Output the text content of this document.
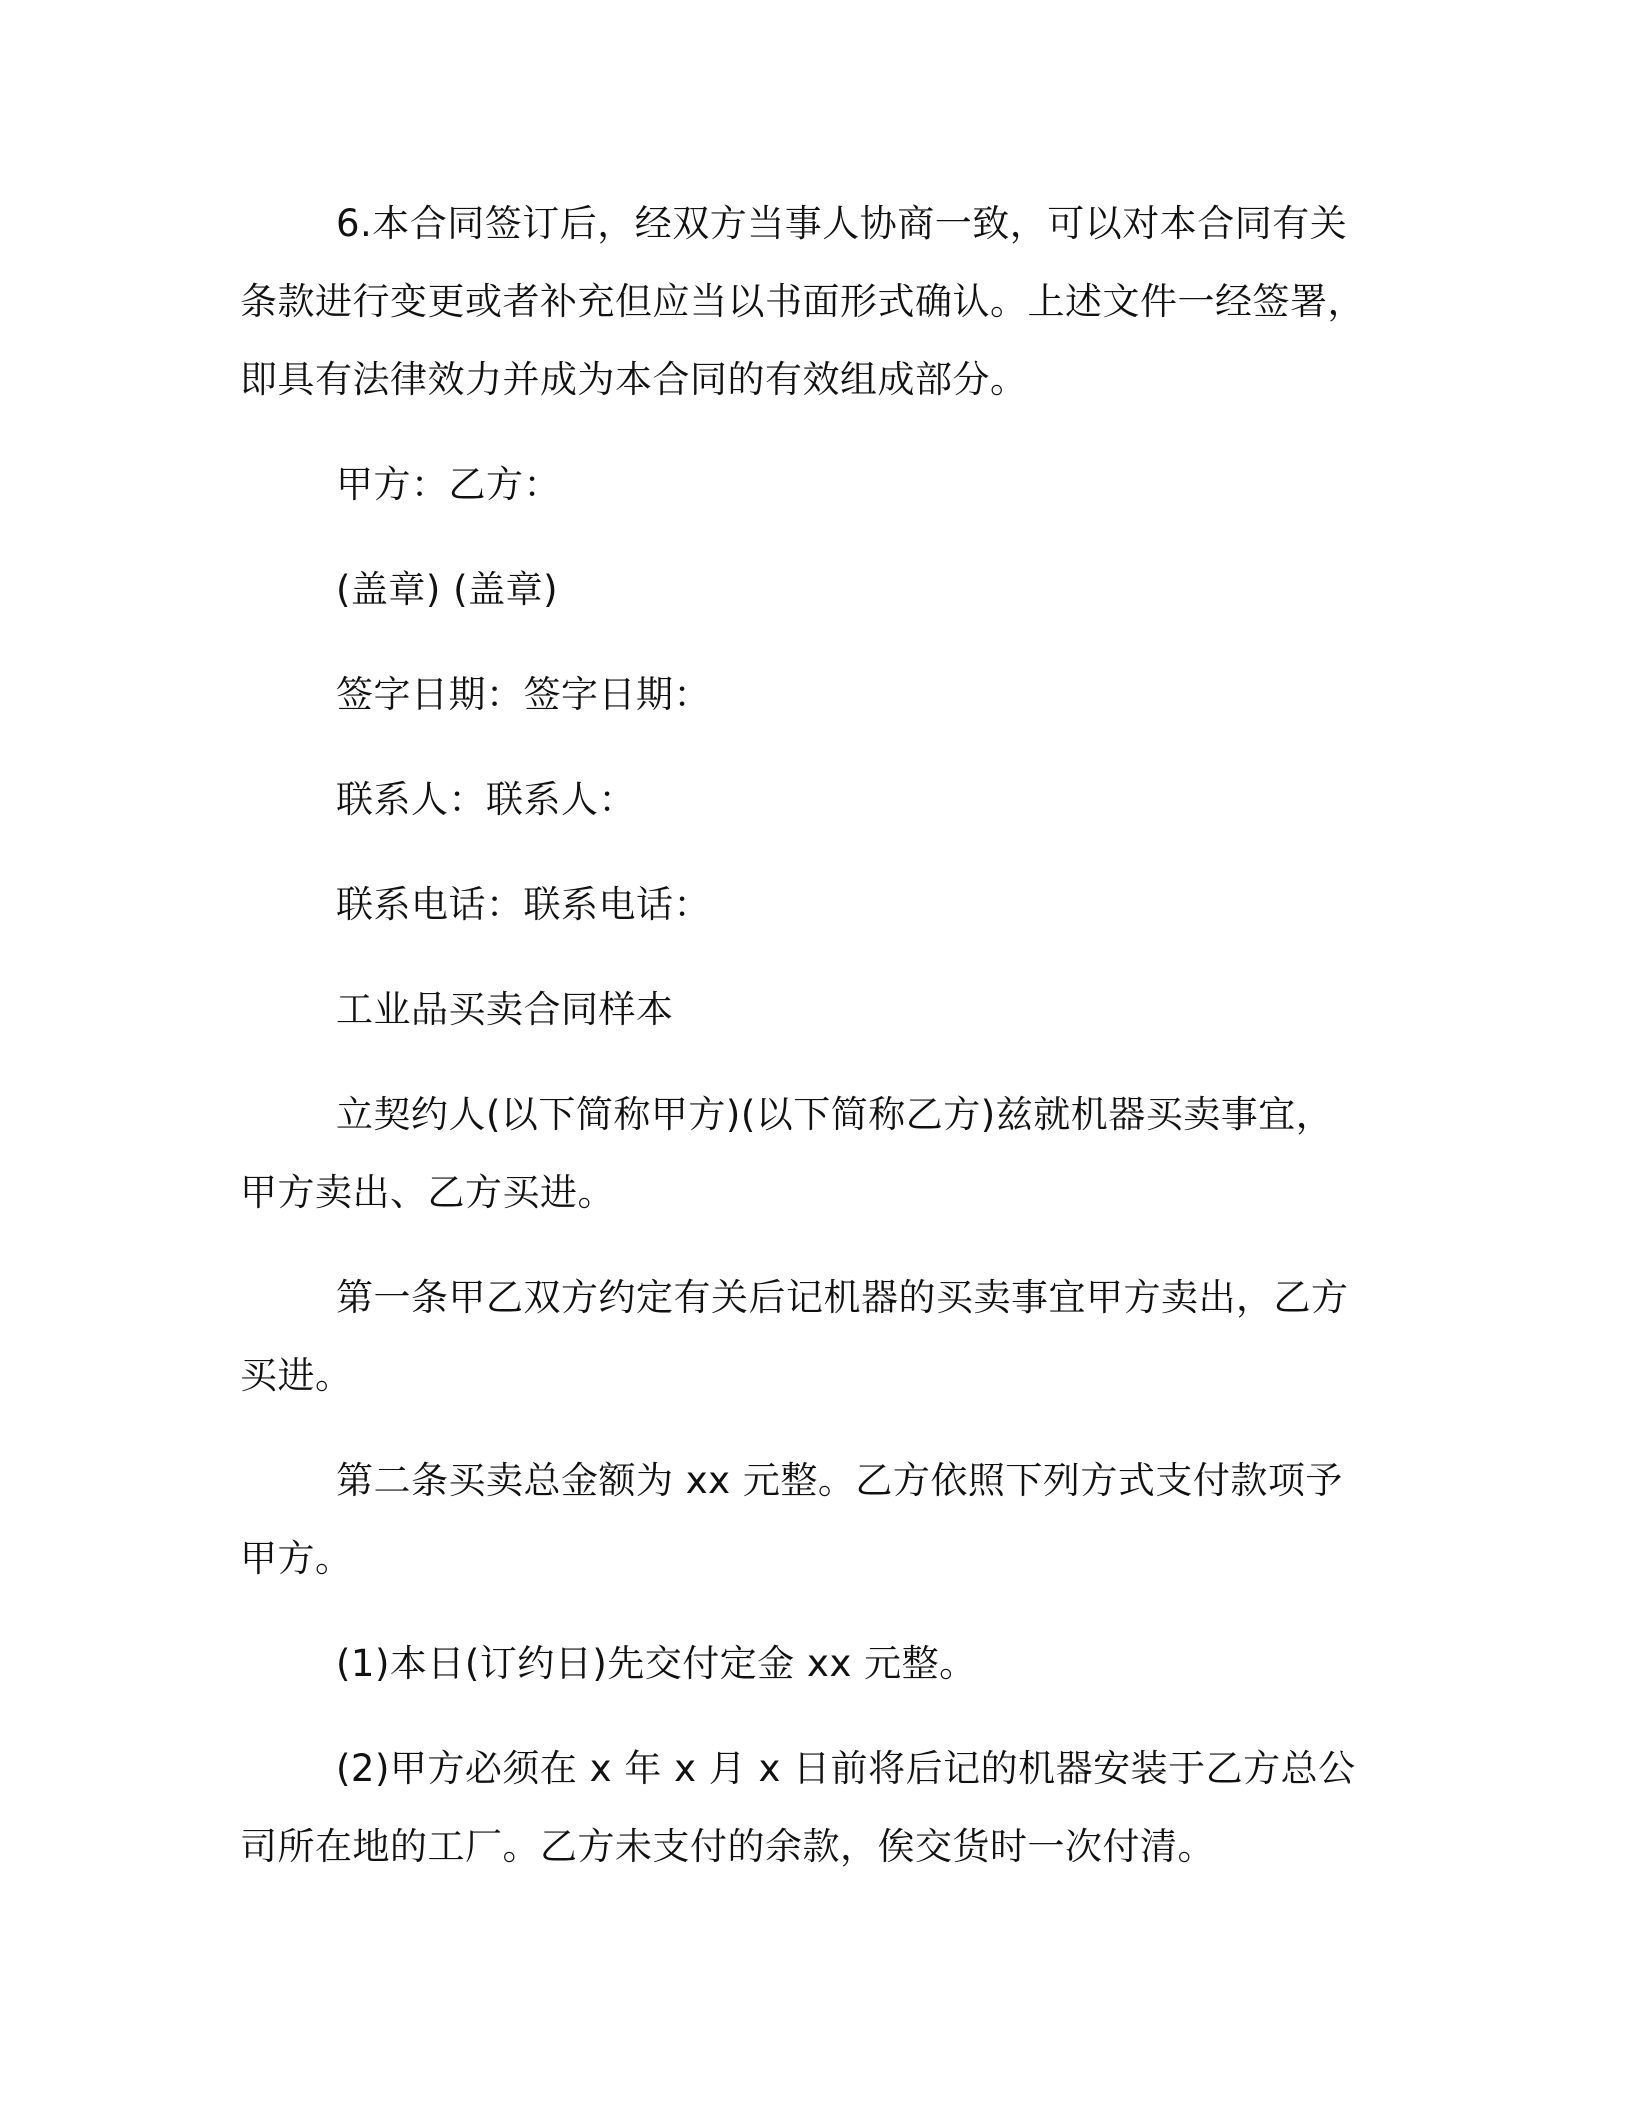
6.本合同签订后，经双方当事人协商一致，可以对本合同有关条款进行变更或者补充但应当以书面形式确认。上述文件一经签署，即具有法律效力并成为本合同的有效组成部分。

甲方：乙方：

(盖章) (盖章)

签字日期：签字日期：

联系人：联系人：

联系电话：联系电话：

工业品买卖合同样本

立契约人(以下简称甲方)(以下简称乙方)兹就机器买卖事宜，甲方卖出、乙方买进。

第一条甲乙双方约定有关后记机器的买卖事宜甲方卖出，乙方买进。

第二条买卖总金额为 xx 元整。乙方依照下列方式支付款项予甲方。

(1)本日(订约日)先交付定金 xx 元整。

(2)甲方必须在 x 年 x 月 x 日前将后记的机器安装于乙方总公司所在地的工厂。乙方未支付的余款，俟交货时一次付清。
